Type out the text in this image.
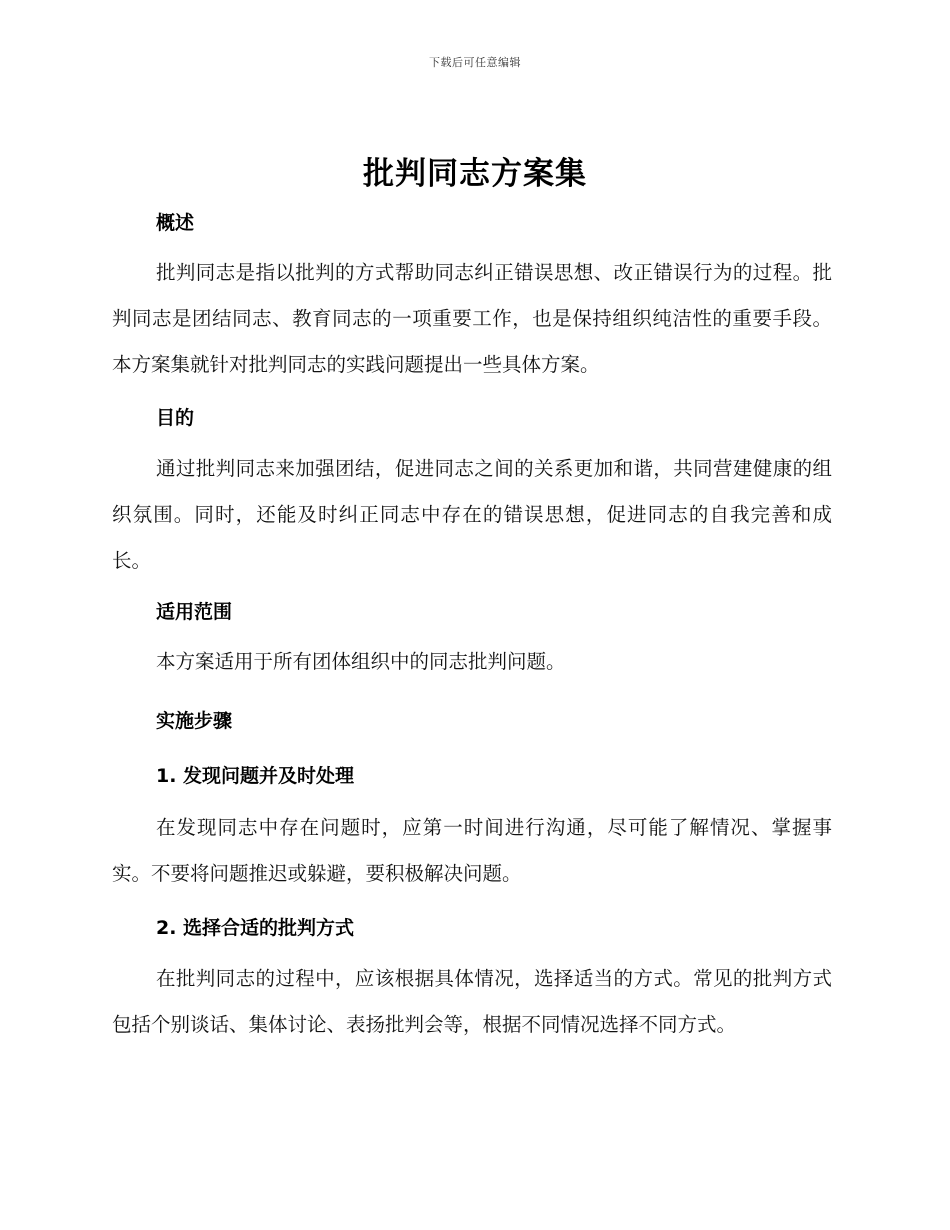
下载后可任意编辑
批判同志方案集
概述
批判同志是指以批判的方式帮助同志纠正错误思想、改正错误行为的过程。批判同志是团结同志、教育同志的一项重要工作，也是保持组织纯洁性的重要手段。本方案集就针对批判同志的实践问题提出一些具体方案。
目的
通过批判同志来加强团结，促进同志之间的关系更加和谐，共同营建健康的组织氛围。同时，还能及时纠正同志中存在的错误思想，促进同志的自我完善和成长。
适用范围
本方案适用于所有团体组织中的同志批判问题。
实施步骤
1. 发现问题并及时处理
在发现同志中存在问题时，应第一时间进行沟通，尽可能了解情况、掌握事实。不要将问题推迟或躲避，要积极解决问题。
2. 选择合适的批判方式
在批判同志的过程中，应该根据具体情况，选择适当的方式。常见的批判方式包括个别谈话、集体讨论、表扬批判会等，根据不同情况选择不同方式。
